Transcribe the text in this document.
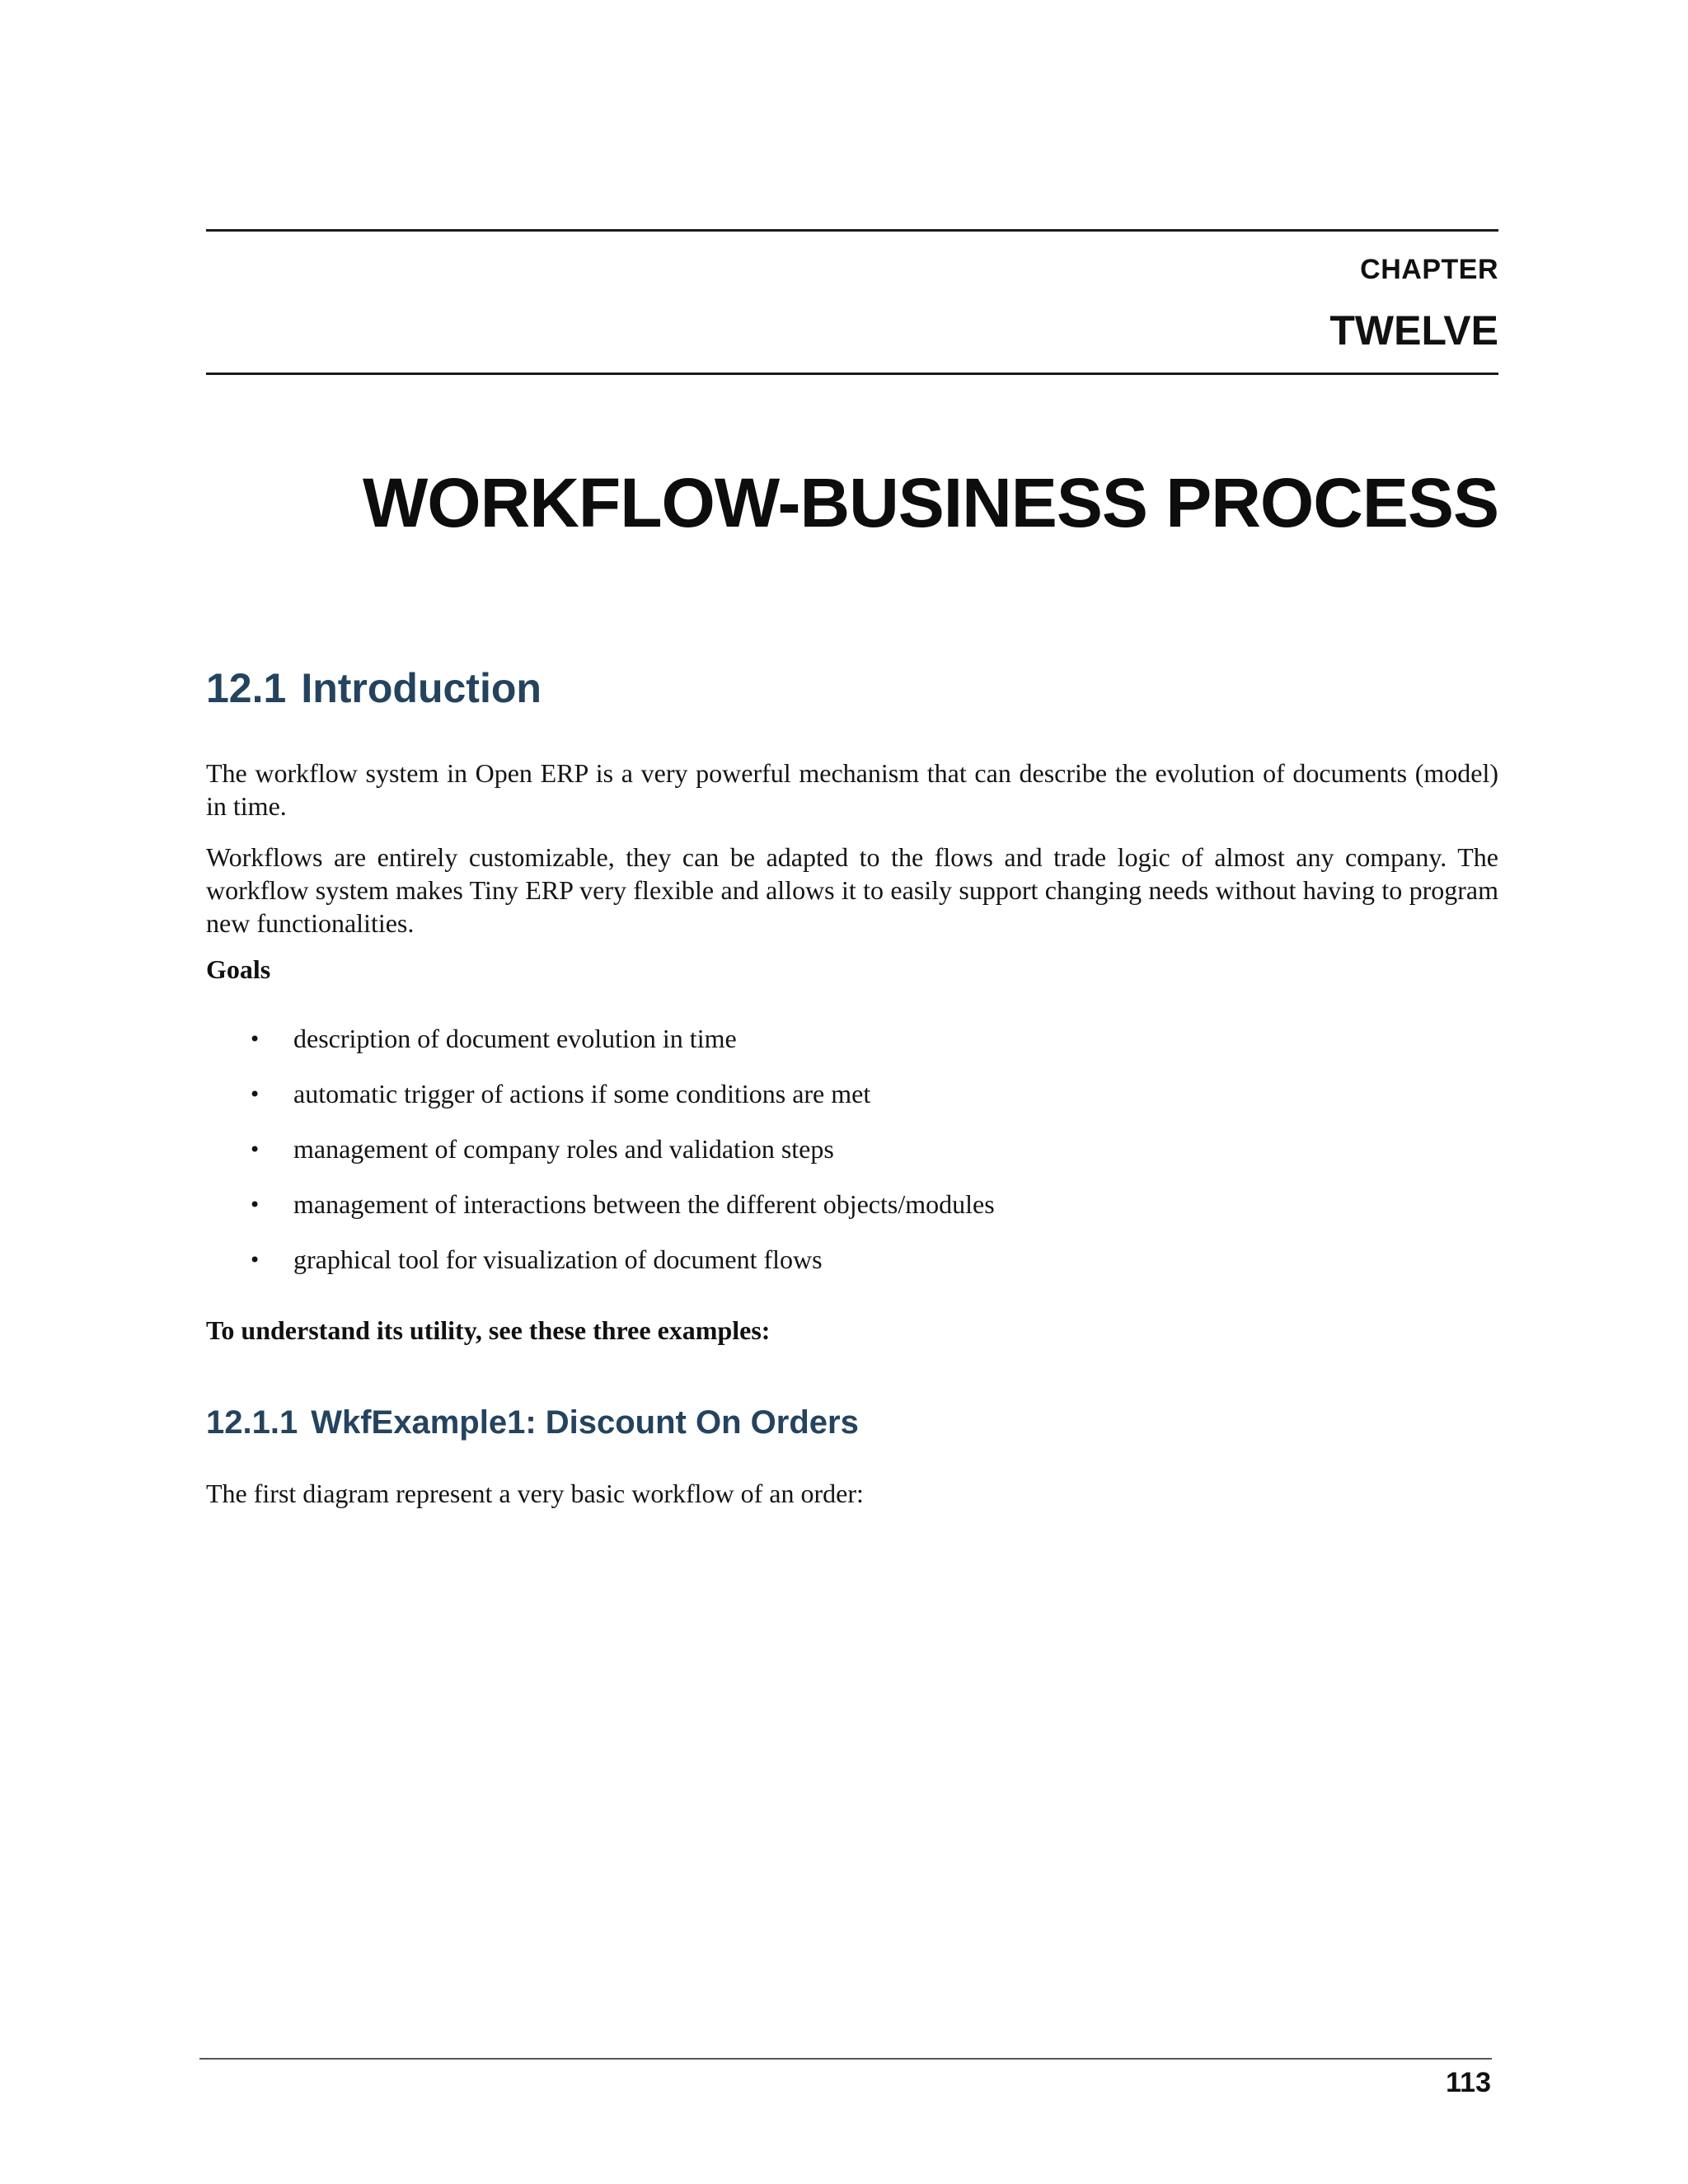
CHAPTER
TWELVE
WORKFLOW-BUSINESS PROCESS
12.1 Introduction

The workflow system in Open ERP is a very powerful mechanism that can describe the evolution of documents (model) in time.

Workflows are entirely customizable, they can be adapted to the flows and trade logic of almost any company. The workflow system makes Tiny ERP very flexible and allows it to easily support changing needs without having to program new functionalities.

Goals
• description of document evolution in time
• automatic trigger of actions if some conditions are met
• management of company roles and validation steps
• management of interactions between the different objects/modules
• graphical tool for visualization of document flows
To understand its utility, see these three examples:
12.1.1 WkfExample1: Discount On Orders

The first diagram represent a very basic workflow of an order:

113
